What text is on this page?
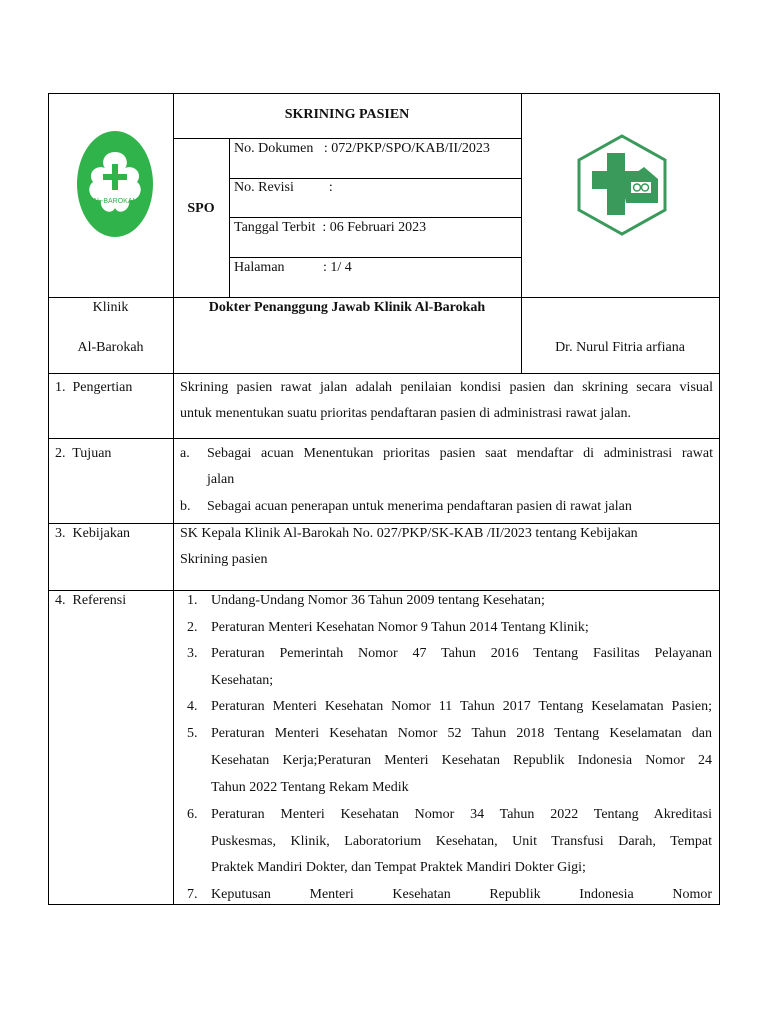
AL-BAROKAH
SKRINING PASIEN
SPO
No. Dokumen   : 072/PKP/SPO/KAB/II/2023
No. Revisi          :
Tanggal Terbit  : 06 Februari 2023
Halaman           : 1/ 4
Klinik
Al-Barokah
Dokter Penanggung Jawab Klinik Al-Barokah
Dr. Nurul Fitria arfiana
1.  Pengertian	Skrining pasien rawat jalan adalah penilaian kondisi pasien dan skrining secara visual
untuk menentukan suatu prioritas pendaftaran pasien di administrasi rawat jalan.
2.  Tujuan	a. Sebagai acuan Menentukan prioritas pasien saat mendaftar di administrasi rawat
jalan
b. Sebagai acuan penerapan untuk menerima pendaftaran pasien di rawat jalan
3.  Kebijakan	SK Kepala Klinik Al-Barokah No. 027/PKP/SK-KAB /II/2023 tentang Kebijakan
Skrining pasien
4.  Referensi	1. Undang-Undang Nomor 36 Tahun 2009 tentang Kesehatan;
2. Peraturan Menteri Kesehatan Nomor 9 Tahun 2014 Tentang Klinik;
3. Peraturan Pemerintah Nomor 47 Tahun 2016 Tentang Fasilitas Pelayanan
Kesehatan;
4. Peraturan Menteri Kesehatan Nomor 11 Tahun 2017 Tentang Keselamatan Pasien;
5. Peraturan Menteri Kesehatan Nomor 52 Tahun 2018 Tentang Keselamatan dan
Kesehatan Kerja;Peraturan Menteri Kesehatan Republik Indonesia Nomor 24
Tahun 2022 Tentang Rekam Medik
6. Peraturan Menteri Kesehatan Nomor 34 Tahun 2022 Tentang Akreditasi
Puskesmas, Klinik, Laboratorium Kesehatan, Unit Transfusi Darah, Tempat
Praktek Mandiri Dokter, dan Tempat Praktek Mandiri Dokter Gigi;
7. Keputusan Menteri Kesehatan Republik Indonesia Nomor
